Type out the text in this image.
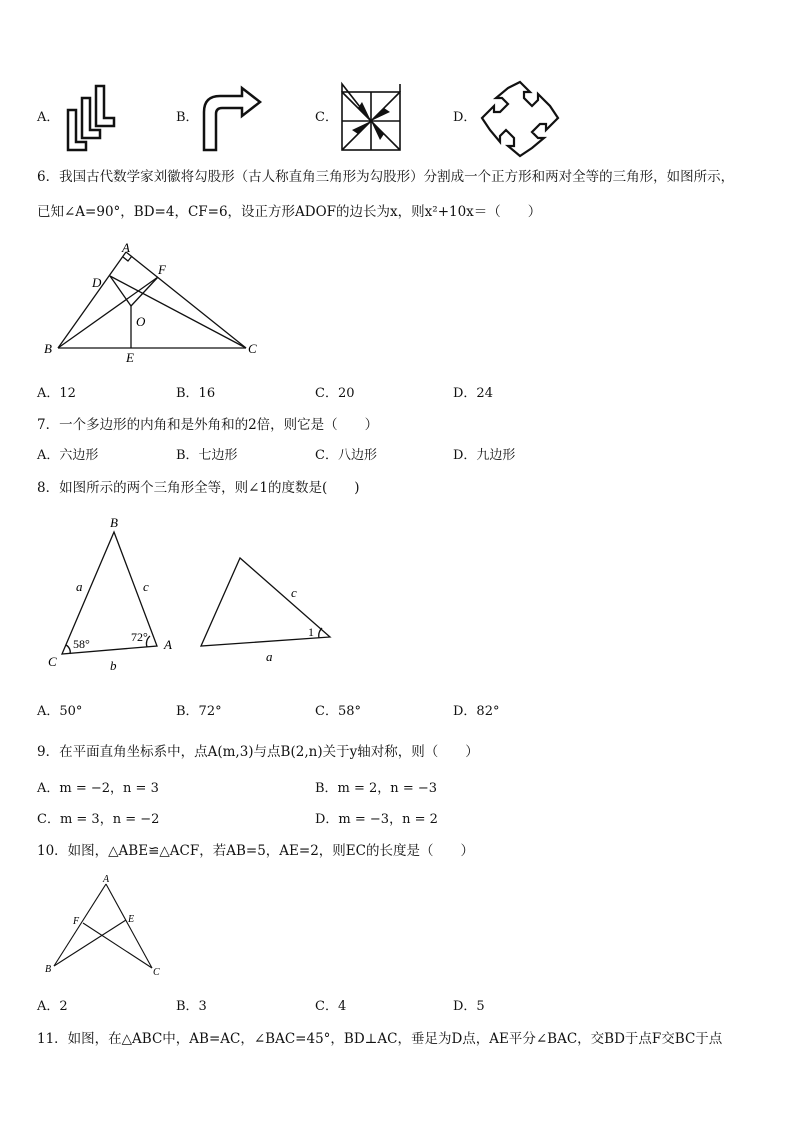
A．	B．	C．	D．
6．我国古代数学家刘徽将勾股形（古人称直角三角形为勾股形）分割成一个正方形和两对全等的三角形，如图所示，
已知∠A=90°，BD=4，CF=6，设正方形ADOF的边长为x，则x²+10x＝（　　）
A
D
F
O
B
E
C
A．12	B．16	C．20	D．24
7．一个多边形的内角和是外角和的2倍，则它是（　　）
A．六边形	B．七边形	C．八边形	D．九边形
8．如图所示的两个三角形全等，则∠1的度数是(　　)
B
a	c
C
A
b
58°	72°	1
c
a
A．50°	B．72°	C．58°	D．82°
9．在平面直角坐标系中，点A(m,3)与点B(2,n)关于y轴对称，则（　　）
A．m = −2，n = 3	B．m = 2，n = −3
C．m = 3，n = −2	D．m = −3，n = 2
10．如图，△ABE≌△ACF，若AB=5，AE=2，则EC的长度是（　　）
A
F	E
B	C
A．2	B．3	C．4	D．5
11．如图，在△ABC中，AB=AC，∠BAC=45°，BD⊥AC，垂足为D点，AE平分∠BAC，交BD于点F交BC于点
